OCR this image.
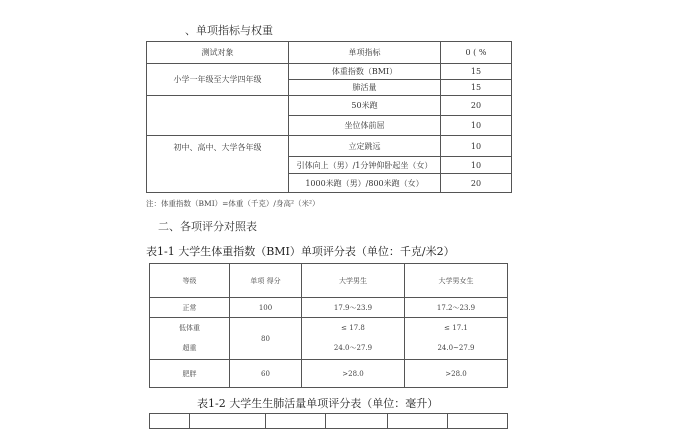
、单项指标与权重
测试对象	单项指标	0 ( %
小学一年级至大学四年级	体重指数（BMI）	15
	肺活量	15
	50米跑	20
	坐位体前屈	10
初中、高中、大学各年级	立定跳远	10
	引体向上（男）/1分钟仰卧起坐（女）	10
	1000米跑（男）/800米跑（女）	20
注：体重指数（BMI）=体重（千克）/身高²（米²）
二、各项评分对照表
表1-1 大学生体重指数（BMI）单项评分表（单位：千克/米2）
等级	单项 得分	大学男生	大学男女生
正常	100	17.9～23.9	17.2～23.9
低体重	80	≤ 17.8	≤ 17.1
超重		24.0～27.9	24.0~27.9
肥胖	60	>28.0	>28.0
表1-2 大学生生肺活量单项评分表（单位：毫升）
